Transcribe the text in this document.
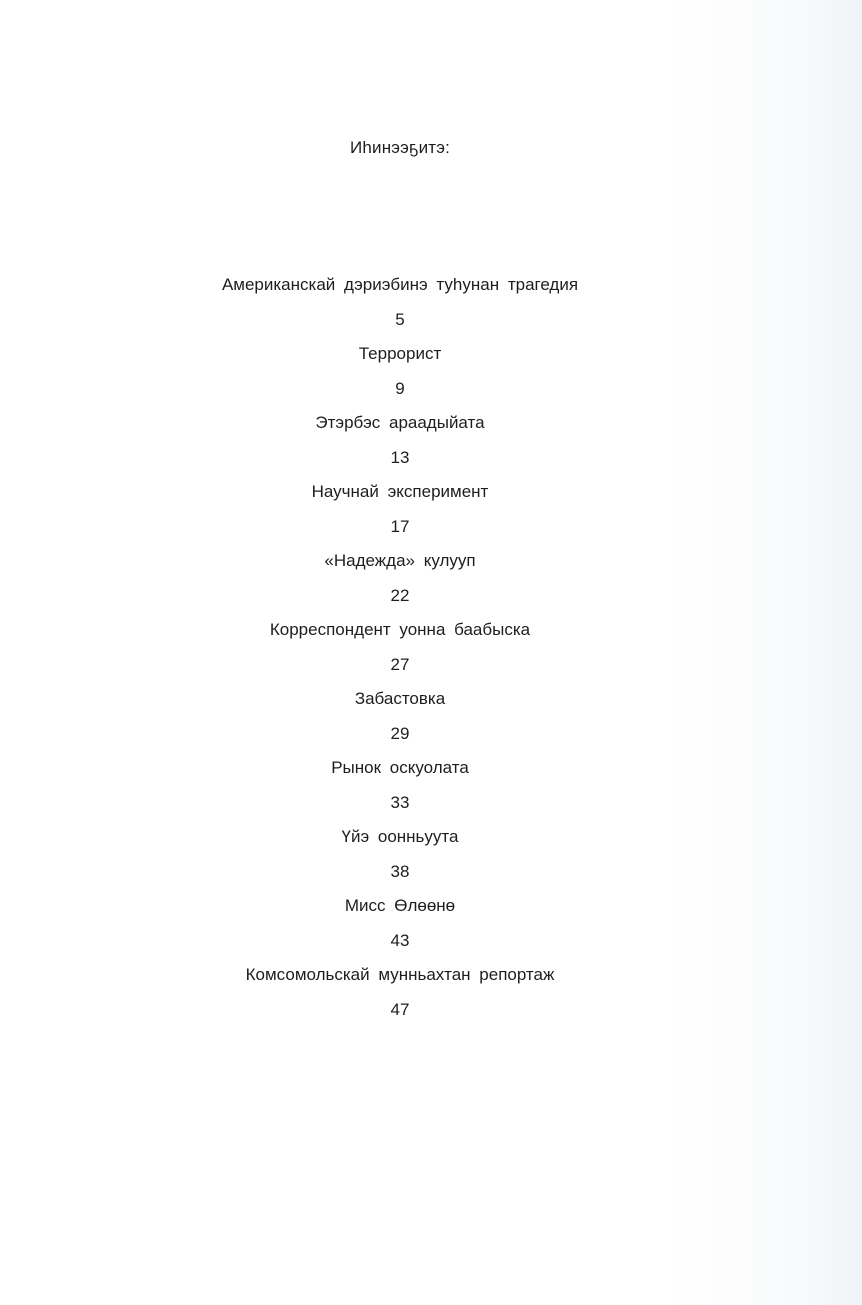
Иhинээҕитэ:
Американскай дэриэбинэ туhунан трагедия
5
Террорист
9
Этэрбэс араадыйата
13
Научнай эксперимент
17
«Надежда» кулууп
22
Корреспондент уонна баабыска
27
Забастовка
29
Рынок оскуолата
33
Үйэ оонньуута
38
Мисс Өлөөнө
43
Комсомольскай мунньахтан репортаж
47
